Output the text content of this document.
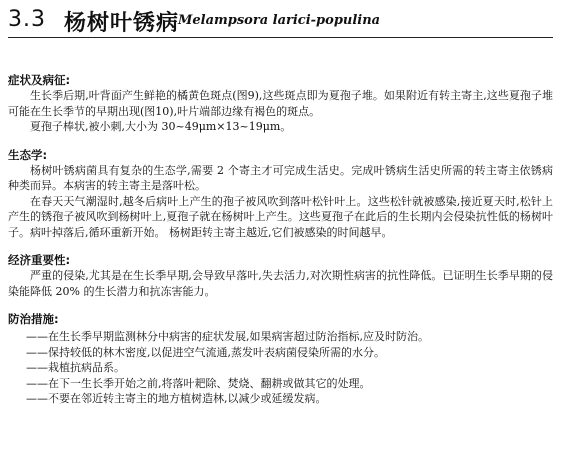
3.3 杨树叶锈病
Melampsora larici-populina
症状及病征:

生长季后期,叶背面产生鲜艳的橘黄色斑点(图9),这些斑点即为夏孢子堆。如果附近有转主寄主,这些夏孢子堆可能在生长季节的早期出现(图10),叶片端部边缘有褐色的斑点。

夏孢子棒状,被小刺,大小为 30~49μm×13~19μm。
生态学:

杨树叶锈病菌具有复杂的生态学,需要 2 个寄主才可完成生活史。完成叶锈病生活史所需的转主寄主依锈病种类而异。本病害的转主寄主是落叶松。

在春天天气潮湿时,越冬后病叶上产生的孢子被风吹到落叶松针叶上。这些松针就被感染,接近夏天时,松针上产生的锈孢子被风吹到杨树叶上,夏孢子就在杨树叶上产生。这些夏孢子在此后的生长期内会侵染抗性低的杨树叶子。病叶掉落后,循环重新开始。 杨树距转主寄主越近,它们被感染的时间越早。

经济重要性:

严重的侵染,尤其是在生长季早期,会导致早落叶,失去活力,对次期性病害的抗性降低。已证明生长季早期的侵染能降低 20% 的生长潜力和抗冻害能力。

防治措施:
——在生长季早期监测林分中病害的症状发展,如果病害超过防治指标,应及时防治。
——保持较低的林木密度,以促进空气流通,蒸发叶表病菌侵染所需的水分。
——栽植抗病品系。
——在下一生长季开始之前,将落叶耙除、焚烧、翻耕或做其它的处理。
——不要在邻近转主寄主的地方植树造林,以减少或延缓发病。
